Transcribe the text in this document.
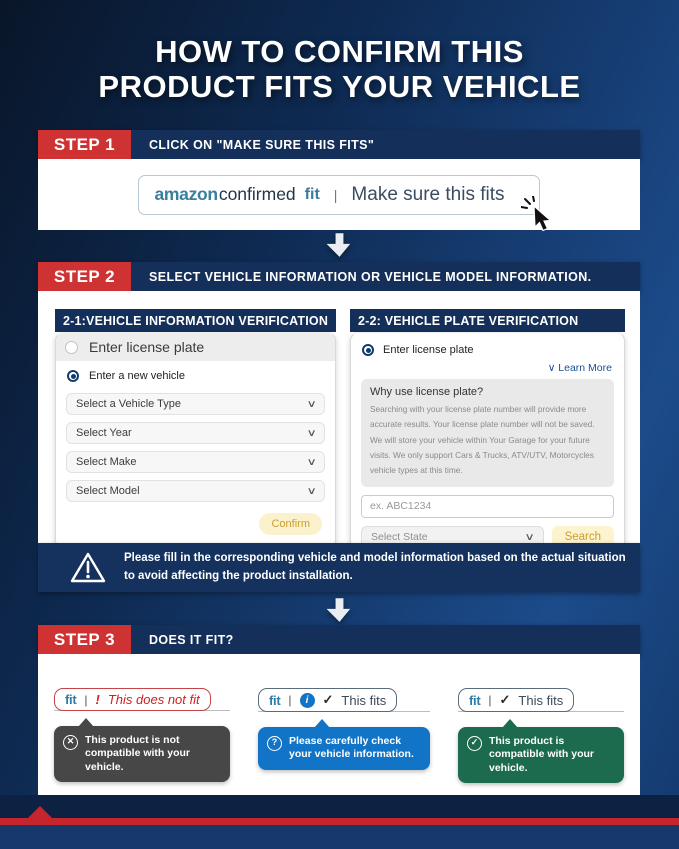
HOW TO CONFIRM THIS
PRODUCT FITS YOUR VEHICLE
STEP 1	CLICK ON "MAKE SURE THIS FITS"
amazon confirmed fit | Make sure this fits
STEP 2	SELECT VEHICLE INFORMATION OR VEHICLE MODEL INFORMATION.
2-1:VEHICLE INFORMATION VERIFICATION
Enter license plate
Enter a new vehicle
Select a Vehicle Type	∨
Select Year	∨
Select Make	∨
Select Model	∨
Confirm
2-2: VEHICLE PLATE VERIFICATION
Enter license plate
∨ Learn More
Why use license plate?
Searching with your license plate number will provide more accurate results. Your license plate number will not be saved. We will store your vehicle within Your Garage for your future visits. We only support Cars & Trucks, ATV/UTV, Motorcycles vehicle types at this time.
ex. ABC1234
Select State	∨	Search
Please fill in the corresponding vehicle and model information based on the actual situation
to avoid affecting the product installation.
STEP 3	DOES IT FIT?
fit | ! This does not fit
✕	This product is not compatible with your vehicle.
fit |	i	✓ This fits
?	Please carefully check your vehicle information.
fit | ✓ This fits
✓	This product is compatible with your vehicle.
